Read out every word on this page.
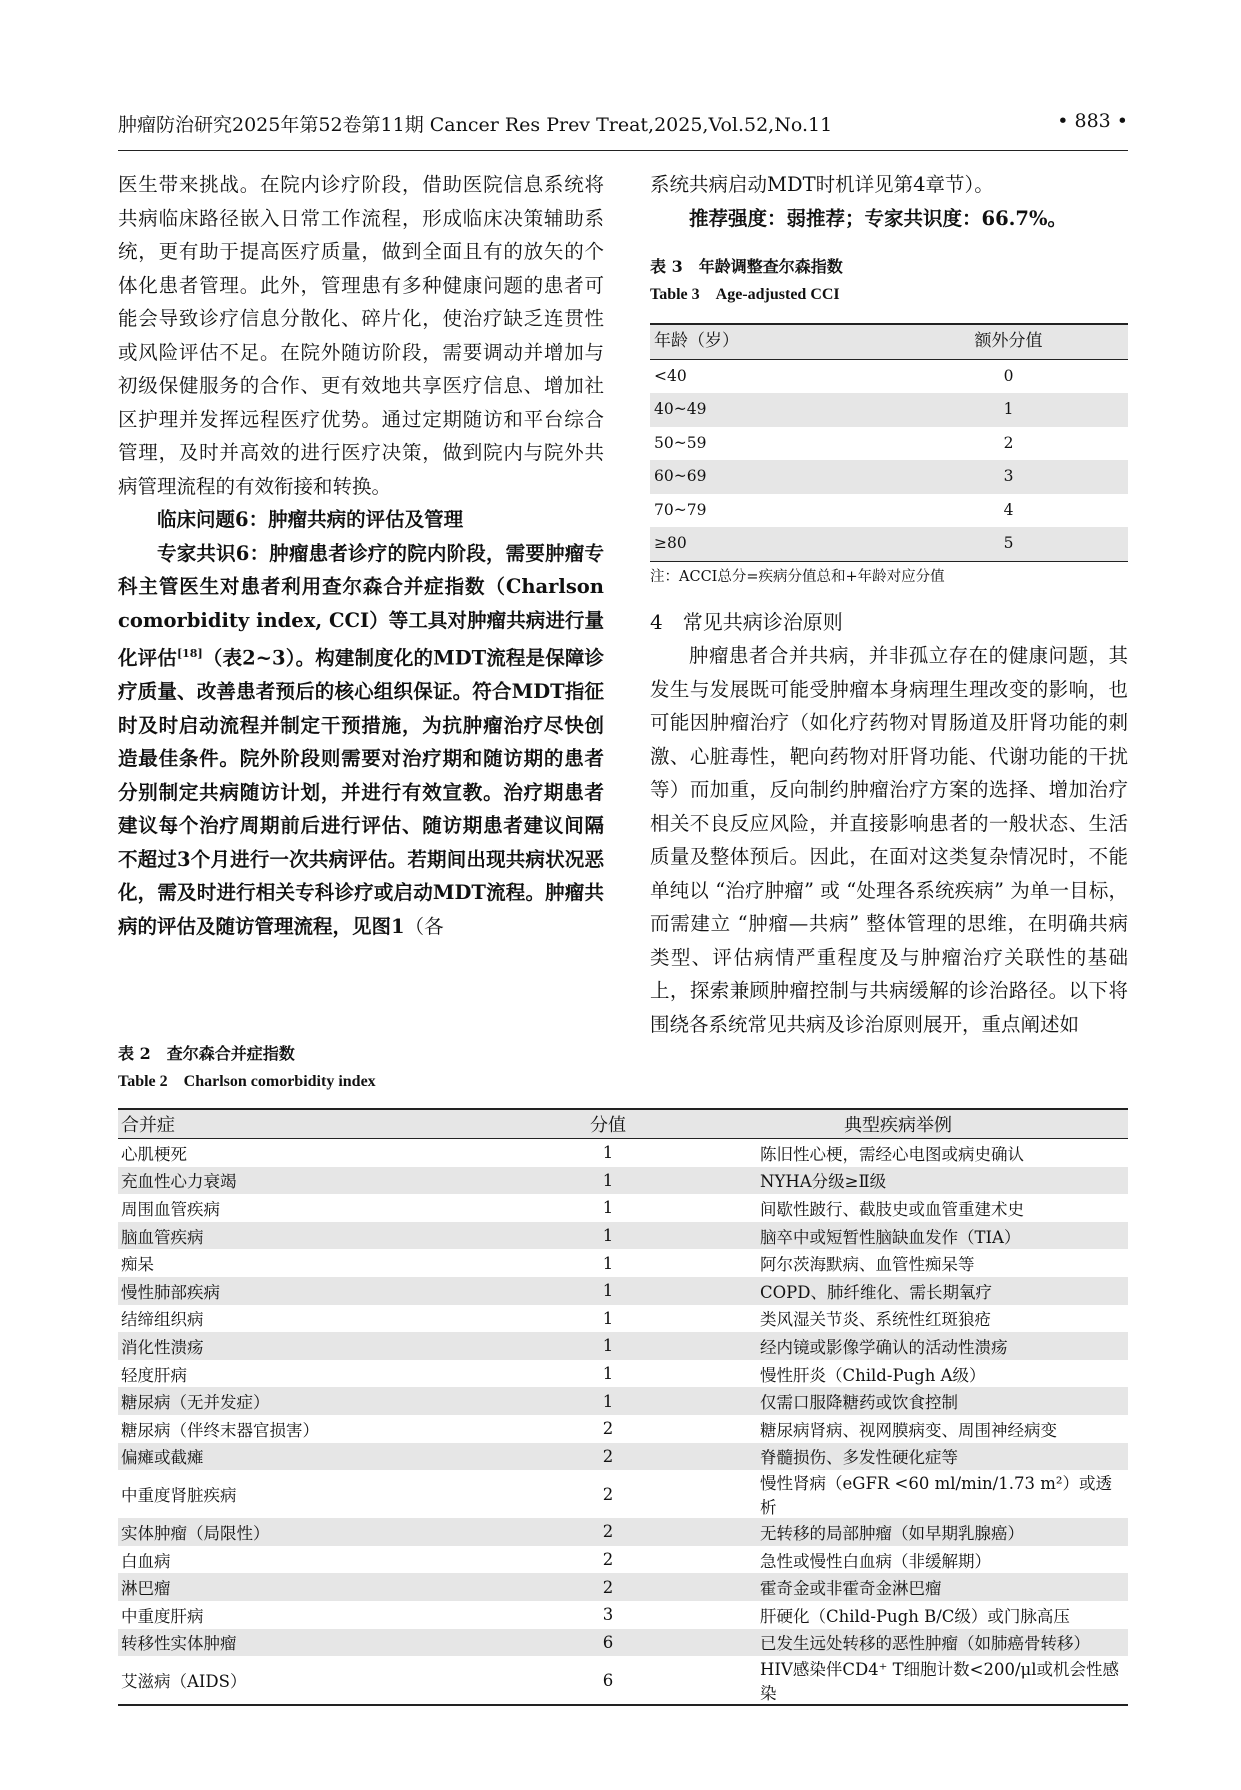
肿瘤防治研究2025年第52卷第11期 Cancer Res Prev Treat,2025,Vol.52,No.11	• 883 •

医生带来挑战。在院内诊疗阶段，借助医院信息系统将共病临床路径嵌入日常工作流程，形成临床决策辅助系统，更有助于提高医疗质量，做到全面且有的放矢的个体化患者管理。此外，管理患有多种健康问题的患者可能会导致诊疗信息分散化、碎片化，使治疗缺乏连贯性或风险评估不足。在院外随访阶段，需要调动并增加与初级保健服务的合作、更有效地共享医疗信息、增加社区护理并发挥远程医疗优势。通过定期随访和平台综合管理，及时并高效的进行医疗决策，做到院内与院外共病管理流程的有效衔接和转换。

临床问题6：肿瘤共病的评估及管理

专家共识6：肿瘤患者诊疗的院内阶段，需要肿瘤专科主管医生对患者利用查尔森合并症指数（Charlson comorbidity index, CCI）等工具对肿瘤共病进行量化评估[18]（表2~3）。构建制度化的MDT流程是保障诊疗质量、改善患者预后的核心组织保证。符合MDT指征时及时启动流程并制定干预措施，为抗肿瘤治疗尽快创造最佳条件。院外阶段则需要对治疗期和随访期的患者分别制定共病随访计划，并进行有效宣教。治疗期患者建议每个治疗周期前后进行评估、随访期患者建议间隔不超过3个月进行一次共病评估。若期间出现共病状况恶化，需及时进行相关专科诊疗或启动MDT流程。肿瘤共病的评估及随访管理流程，见图1（各

系统共病启动MDT时机详见第4章节）。

推荐强度：弱推荐；专家共识度：66.7%。

表 3　年龄调整查尔森指数

Table 3　Age-adjusted CCI

年龄（岁）	额外分值
<40	0
40~49	1
50~59	2
60~69	3
70~79	4
≥80	5
注：ACCI总分=疾病分值总和+年龄对应分值

4　常见共病诊治原则

肿瘤患者合并共病，并非孤立存在的健康问题，其发生与发展既可能受肿瘤本身病理生理改变的影响，也可能因肿瘤治疗（如化疗药物对胃肠道及肝肾功能的刺激、心脏毒性，靶向药物对肝肾功能、代谢功能的干扰等）而加重，反向制约肿瘤治疗方案的选择、增加治疗相关不良反应风险，并直接影响患者的一般状态、生活质量及整体预后。因此，在面对这类复杂情况时，不能单纯以 “治疗肿瘤” 或 “处理各系统疾病” 为单一目标，而需建立 “肿瘤—共病” 整体管理的思维，在明确共病类型、评估病情严重程度及与肿瘤治疗关联性的基础上，探索兼顾肿瘤控制与共病缓解的诊治路径。以下将围绕各系统常见共病及诊治原则展开，重点阐述如

表 2　查尔森合并症指数

Table 2　Charlson comorbidity index

合并症	分值	典型疾病举例
心肌梗死	1	陈旧性心梗，需经心电图或病史确认
充血性心力衰竭	1	NYHA分级≥Ⅱ级
周围血管疾病	1	间歇性跛行、截肢史或血管重建术史
脑血管疾病	1	脑卒中或短暂性脑缺血发作（TIA）
痴呆	1	阿尔茨海默病、血管性痴呆等
慢性肺部疾病	1	COPD、肺纤维化、需长期氧疗
结缔组织病	1	类风湿关节炎、系统性红斑狼疮
消化性溃疡	1	经内镜或影像学确认的活动性溃疡
轻度肝病	1	慢性肝炎（Child-Pugh A级）
糖尿病（无并发症）	1	仅需口服降糖药或饮食控制
糖尿病（伴终末器官损害）	2	糖尿病肾病、视网膜病变、周围神经病变
偏瘫或截瘫	2	脊髓损伤、多发性硬化症等
中重度肾脏疾病	2	慢性肾病（eGFR <60 ml/min/1.73 m²）或透析
实体肿瘤（局限性）	2	无转移的局部肿瘤（如早期乳腺癌）
白血病	2	急性或慢性白血病（非缓解期）
淋巴瘤	2	霍奇金或非霍奇金淋巴瘤
中重度肝病	3	肝硬化（Child-Pugh B/C级）或门脉高压
转移性实体肿瘤	6	已发生远处转移的恶性肿瘤（如肺癌骨转移）
艾滋病（AIDS）	6	HIV感染伴CD4⁺ T细胞计数<200/μl或机会性感染
